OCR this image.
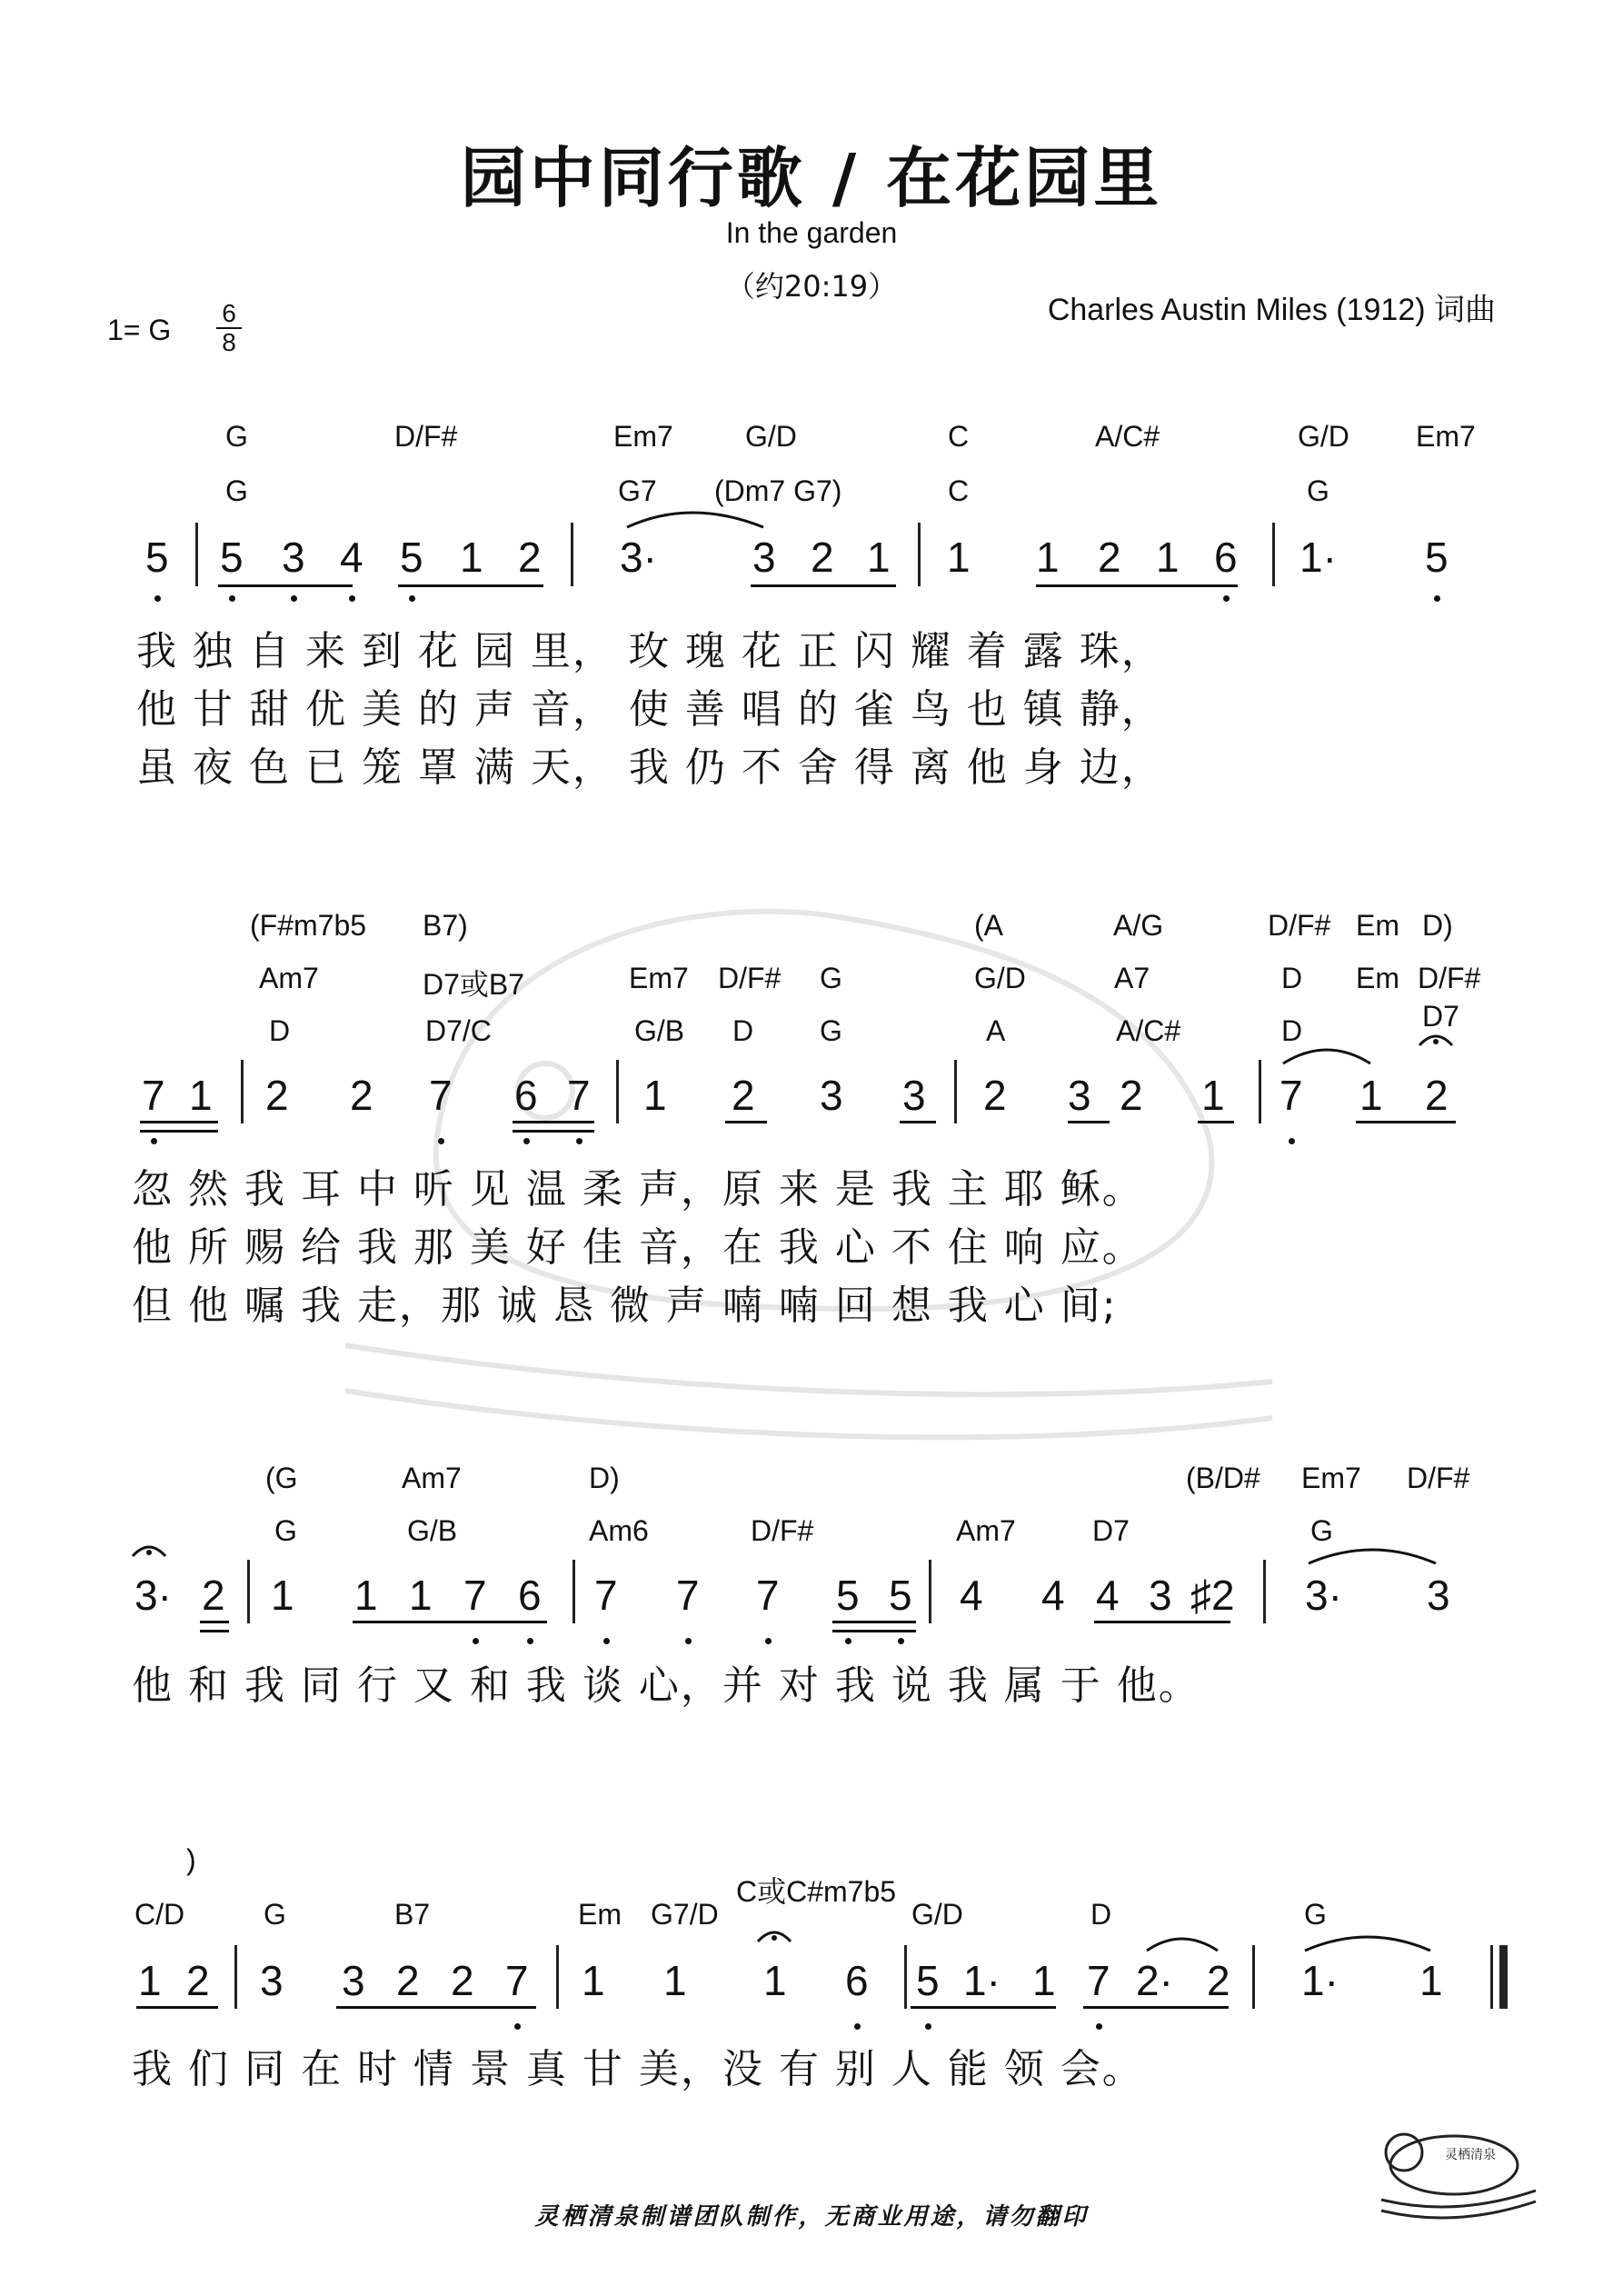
园中同行歌 / 在花园里
In the garden
（约20:19）
1= G $\frac{6}{8}$	Charles Austin Miles (1912) 词曲
G	D/F#	Em7 G/D	C	A/C#	G/D Em7
G	G7 (Dm7 G7)	C	G
5 5 3 4 5 1 2 3· 3 2 1 1 1 2 1 6 1· 5
我 独 自 来 到 花 园 里， 玫 瑰 花 正 闪 耀 着 露 珠，
他 甘 甜 优 美 的 声 音， 使 善 唱 的 雀 鸟 也 镇 静，
虽 夜 色 已 笼 罩 满 天， 我 仍 不 舍 得 离 他 身 边，
(F#m7b5 B7)	(A	A/G	D/F# Em D)
Am7	D7或B7	Em7 D/F# G	G/D	A7	D Em D/F#
D	D7/C	G/B D G	A	A/C#	D	D7
7 1 2 2 7 6 7 1 2 3 3 2 3 2 1 7 1 2
忽 然 我 耳 中 听 见 温 柔 声，原 来 是 我 主 耶 稣。
他 所 赐 给 我 那 美 好 佳 音，在 我 心 不 住 响 应。
但 他 嘱 我 走，那 诚 恳 微 声 喃 喃 回 想 我 心 间;
(G	Am7	D)	(B/D# Em7 D/F#
G	G/B	Am6	D/F#	Am7	D7	G
3· 2 1 1 1 7 6 7 7 7 5 5 4 4 4 3 ♯2 3· 3
他 和 我 同 行 又 和 我 谈 心，并 对 我 说 我 属 于 他。
)
C/D	G	B7	Em G7/D
C或C#m7b5
G/D	D	G
1 2 3 3 2 2 7 1 1 1 6 5 1· 1 7 2· 2 1· 1
我 们 同 在 时 情 景 真 甘 美，没 有 别 人 能 领 会。
灵栖清泉
灵栖清泉制谱团队制作，无商业用途，请勿翻印
